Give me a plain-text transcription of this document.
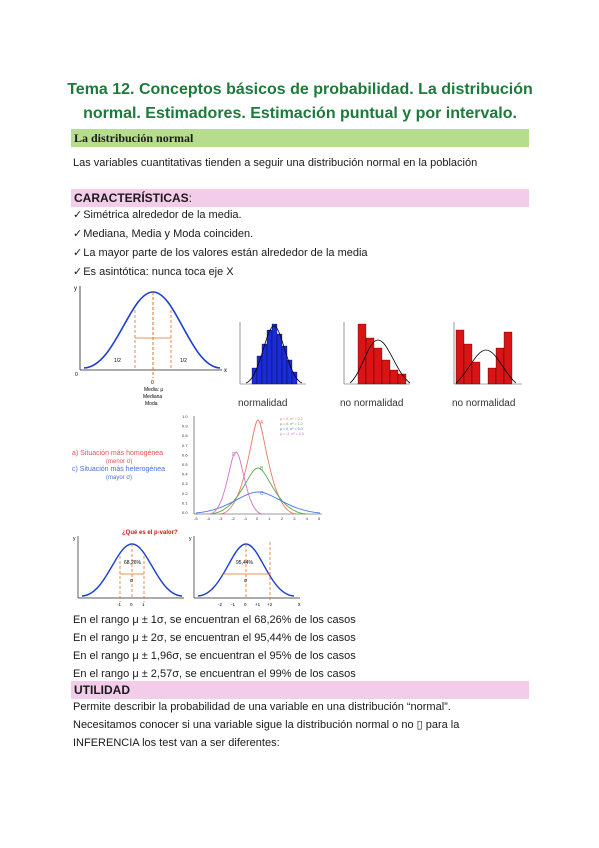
Tema 12. Conceptos básicos de probabilidad. La distribución
normal. Estimadores. Estimación puntual y por intervalo.
La distribución normal
Las variables cuantitativas tienden a seguir una distribución normal en la población
CARACTERÍSTICAS:
✓Simétrica alrededor de la media.
✓Mediana, Media y Moda coinciden.
✓La mayor parte de los valores están alrededor de la media
✓Es asintótica: nunca toca eje X
y
x
0
1/2	1/2
0
Media: μ
Mediana
Moda	normalidad	no normalidad	no normalidad
a) Situación más homogénea
(menor σ)
c) Situación más heterogénea
(mayor σ)
1.0
0.9
0.8
0.7
0.6
0.5
0.4
0.3
0.2
0.1
0.0
-5 -4 -3 -2 -1 0	1	2	3	4	5
A
B
C
D
μ = 0, σ² = 0.2
μ = 0, σ² = 1.0
μ = 0, σ² = 5.0
μ = -2, σ² = 0.5
¿Qué es el p-valor?
y
68,26%
σ
-1 0 1
y
x
95,44%
σ
-2 -1 0 +1 +2
En el rango μ ± 1σ, se encuentran el 68,26% de los casos
En el rango μ ± 2σ, se encuentran el 95,44% de los casos
En el rango μ ± 1,96σ, se encuentran el 95% de los casos
En el rango μ ± 2,57σ, se encuentran el 99% de los casos
UTILIDAD
Permite describir la probabilidad de una variable en una distribución “normal”.
Necesitamos conocer si una variable sigue la distribución normal o no ▯ para la
INFERENCIA los test van a ser diferentes:
